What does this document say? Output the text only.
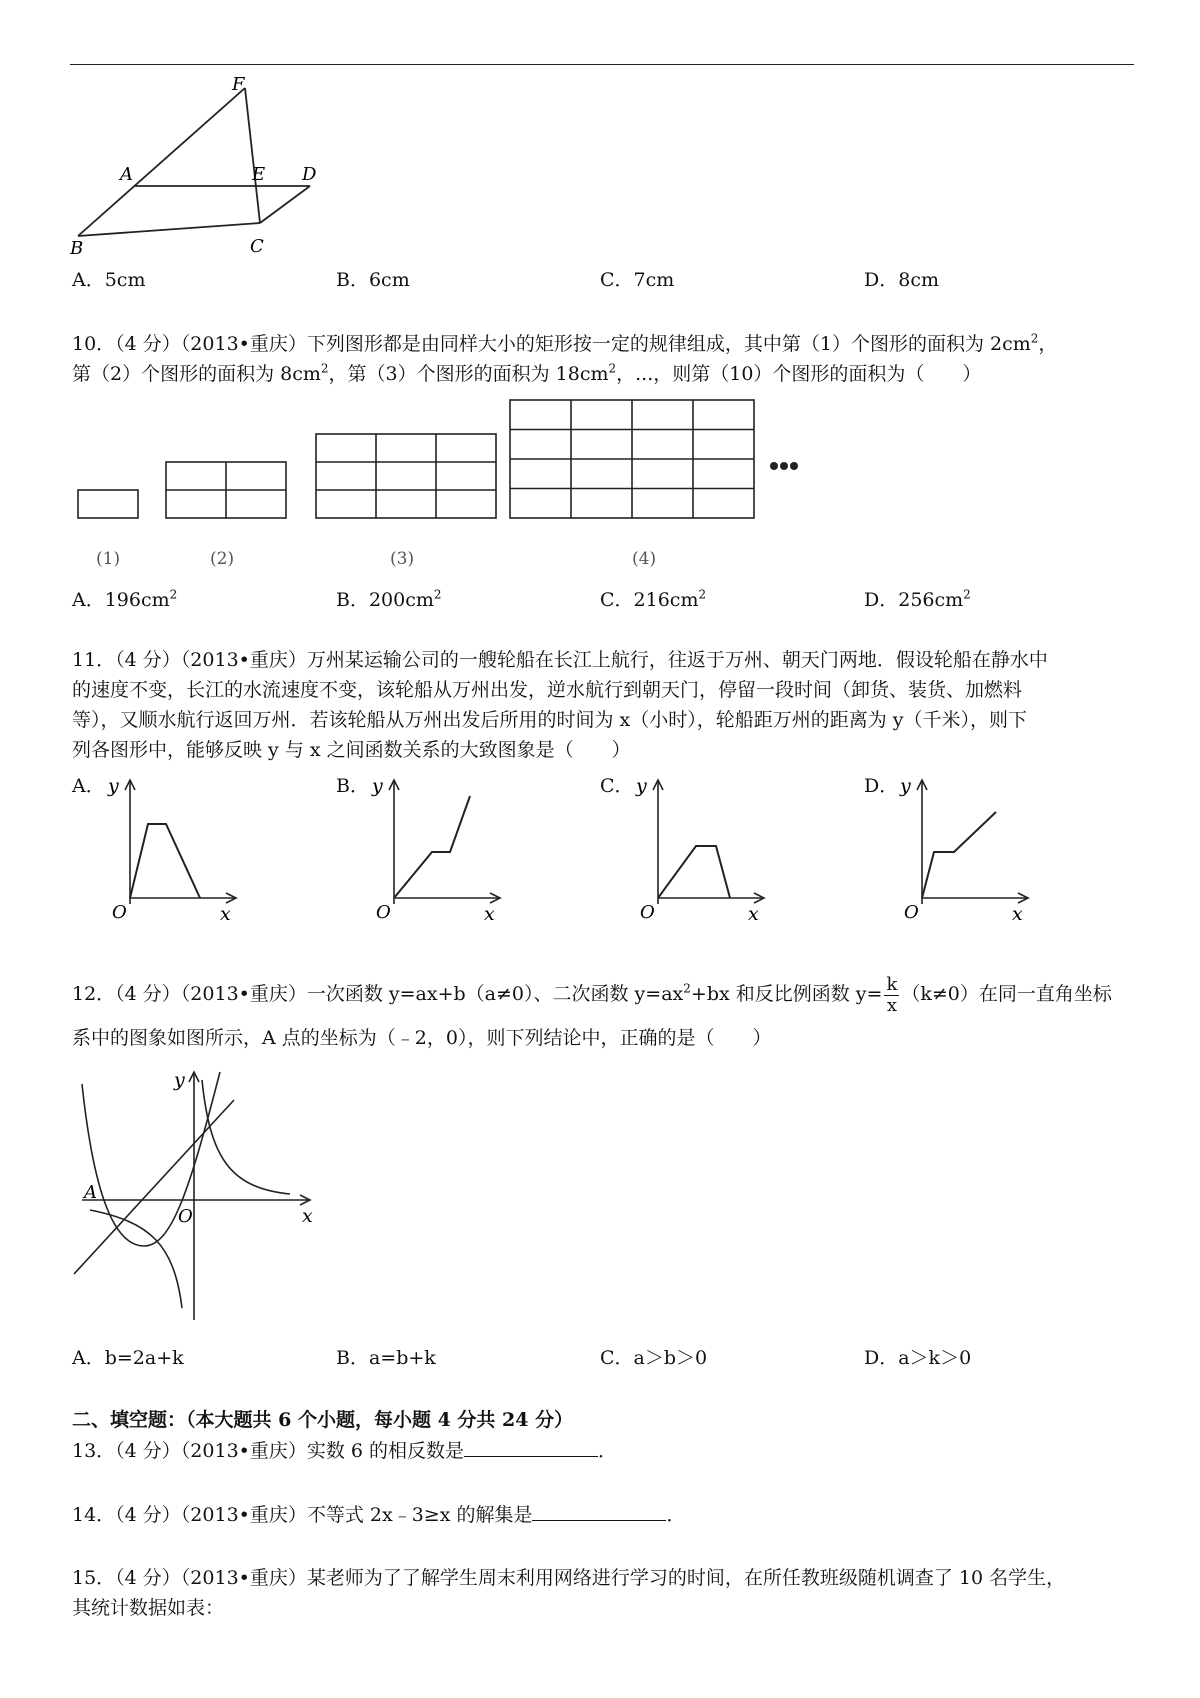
F
A	E D
B	C
A．5cm	B．6cm	C．7cm	D．8cm
10．（4 分）（2013•重庆）下列图形都是由同样大小的矩形按一定的规律组成，其中第（1）个图形的面积为 $2cm^2$，
第（2）个图形的面积为 $8cm^2$，第（3）个图形的面积为 $18cm^2$，...，则第（10）个图形的面积为（　　）
(1)	(2)	(3)	(4)
A．$196cm^2$	B．$200cm^2$	C．$216cm^2$	D．$256cm^2$
11．（4 分）（2013•重庆）万州某运输公司的一艘轮船在长江上航行，往返于万州、朝天门两地．假设轮船在静水中
的速度不变，长江的水流速度不变，该轮船从万州出发，逆水航行到朝天门，停留一段时间（卸货、装货、加燃料
等），又顺水航行返回万州．若该轮船从万州出发后所用的时间为 x（小时），轮船距万州的距离为 y（千米），则下
列各图形中，能够反映 y 与 x 之间函数关系的大致图象是（　　）
A．	B．	C．	D．
y
x
O
y
x
O
y
x
O
y
x
O
12．（4 分）（2013•重庆）一次函数 y=ax+b（a≠0）、二次函数 $y=ax^2+bx$ 和反比例函数 $y= \frac{k}{x} (k\ne 0)$在同一直角坐标
系中的图象如图所示，A 点的坐标为（﹣2，0），则下列结论中，正确的是（　　）
y
x
O
A
A．b=2a+k	B．a=b+k	C．a＞b＞0	D．a＞k＞0
二、填空题：（本大题共 6 个小题，每小题 4 分共 24 分）
13．（4 分）（2013•重庆）实数 6 的相反数是	．
14．（4 分）（2013•重庆）不等式 2x﹣3≥x 的解集是	．
15．（4 分）（2013•重庆）某老师为了了解学生周末利用网络进行学习的时间，在所任教班级随机调查了 10 名学生，
其统计数据如表：
